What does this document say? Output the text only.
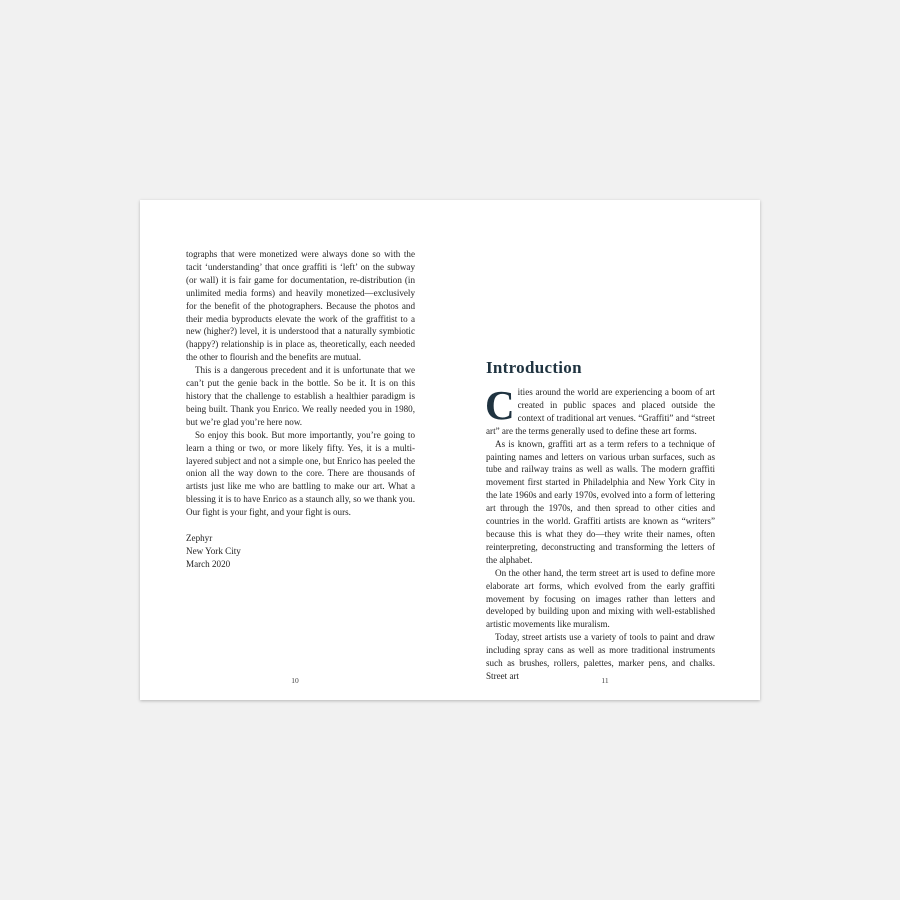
tographs that were monetized were always done so with the tacit ‘understanding’ that once graffiti is ‘left’ on the subway (or wall) it is fair game for documentation, re-distribution (in unlimited media forms) and heavily monetized—exclusively for the benefit of the photographers. Because the photos and their media byproducts elevate the work of the graffitist to a new (higher?) level, it is understood that a naturally symbiotic (happy?) relationship is in place as, theoretically, each needed the other to flourish and the benefits are mutual.

This is a dangerous precedent and it is unfortunate that we can’t put the genie back in the bottle. So be it. It is on this history that the challenge to establish a healthier paradigm is being built. Thank you Enrico. We really needed you in 1980, but we’re glad you’re here now.

So enjoy this book. But more importantly, you’re going to learn a thing or two, or more likely fifty. Yes, it is a multi-layered subject and not a simple one, but Enrico has peeled the onion all the way down to the core. There are thousands of artists just like me who are battling to make our art. What a blessing it is to have Enrico as a staunch ally, so we thank you. Our fight is your fight, and your fight is ours.

Zephyr
New York City
March 2020
10

Cities around the world are experiencing a boom of art created in public spaces and placed outside the context of traditional art venues. “Graffiti” and “street art” are the terms generally used to define these art forms.

As is known, graffiti art as a term refers to a technique of painting names and letters on various urban surfaces, such as tube and railway trains as well as walls. The modern graffiti movement first started in Philadelphia and New York City in the late 1960s and early 1970s, evolved into a form of lettering art through the 1970s, and then spread to other cities and countries in the world. Graffiti artists are known as “writers” because this is what they do—they write their names, often reinterpreting, deconstructing and transforming the letters of the alphabet.

On the other hand, the term street art is used to define more elaborate art forms, which evolved from the early graffiti movement by focusing on images rather than letters and developed by building upon and mixing with well-established artistic movements like muralism.

Today, street artists use a variety of tools to paint and draw including spray cans as well as more traditional instruments such as brushes, rollers, palettes, marker pens, and chalks. Street art	11
Introduction
